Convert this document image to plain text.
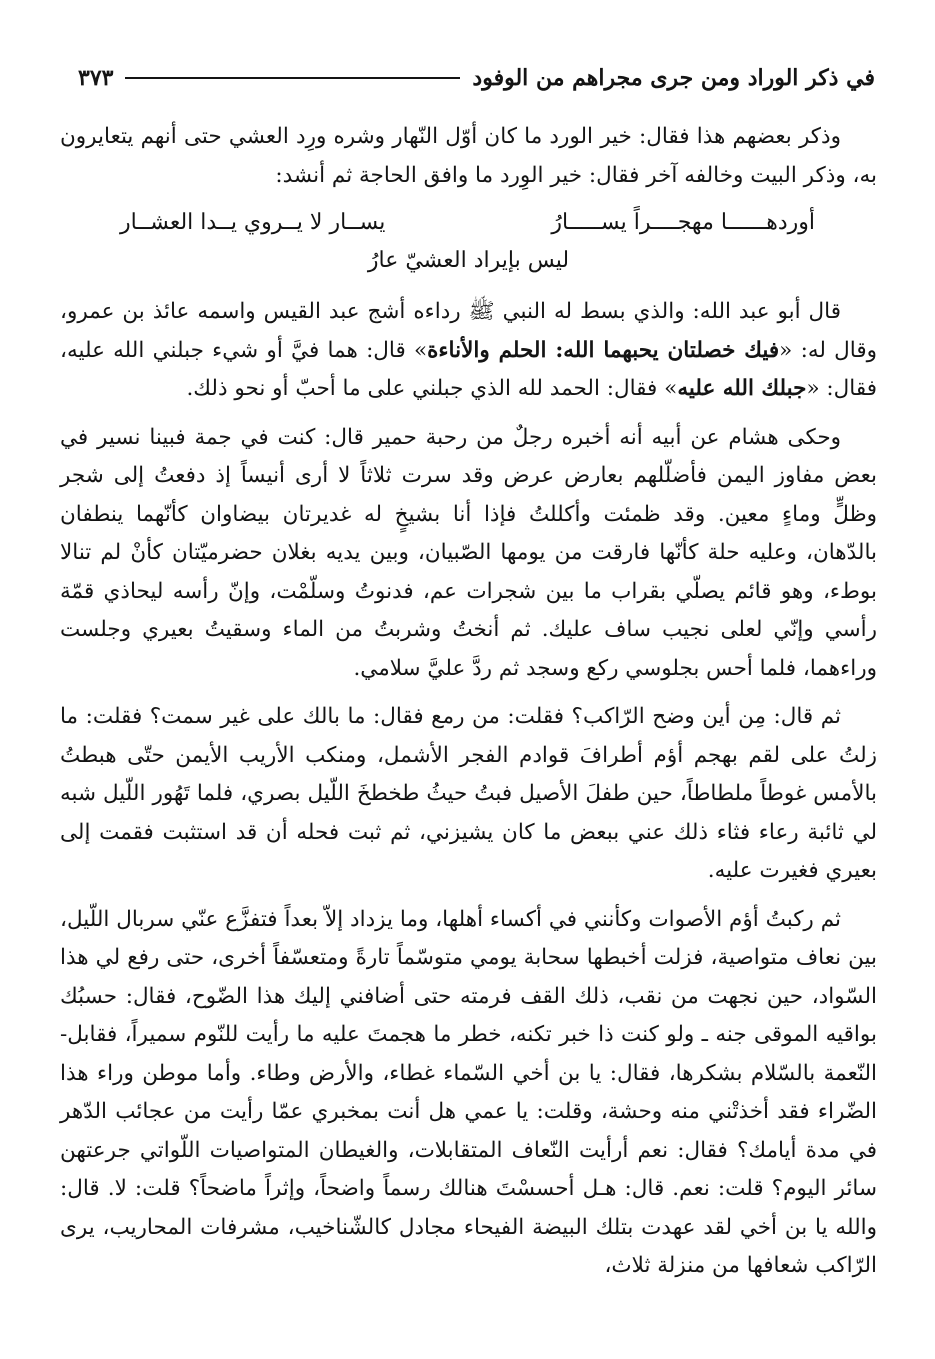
في ذكر الوراد ومن جرى مجراهم من الوفود
٣٧٣

وذكر بعضهم هذا فقال: خير الورد ما كان أوّل النّهار وشره ورِد العشي حتى أنهم يتعايرون به، وذكر البيت وخالفه آخر فقال: خير الوِرد ما وافق الحاجة ثم أنشد:

أوردهــــــا مهجــــراً يســـــارُ
يســار لا يــروي يــدا العشــار
ليس بإيراد العشيّ عارُ

قال أبو عبد الله: والذي بسط له النبي ﷺ رداءه أشج عبد القيس واسمه عائذ بن عمرو، وقال له: «فيك خصلتان يحبهما الله: الحلم والأناءة» قال: هما فيَّ أو شيء جبلني الله عليه، فقال: «جبلك الله عليه» فقال: الحمد لله الذي جبلني على ما أحبّ أو نحو ذلك.

وحكى هشام عن أبيه أنه أخبره رجلٌ من رحبة حمير قال: كنت في جمة فبينا نسير في بعض مفاوز اليمن فأضلّلهم بعارض عرض وقد سرت ثلاثاً لا أرى أنيساً إذ دفعتُ إلى شجر وظلٍّ وماءٍ معين. وقد ظمئت وأكللتُ فإذا أنا بشيخٍ له غديرتان بيضاوان كأنّهما ينطفان بالدّهان، وعليه حلة كأنّها فارقت من يومها الصّبيان، وبين يديه بغلان حضرميّتان كأنْ لم تنالا بوطء، وهو قائم يصلّي بقراب ما بين شجرات عم، فدنوتُ وسلّمْت، وإنّ رأسه ليحاذي قمّة رأسي وإنّي لعلى نجيب ساف عليك. ثم أنختُ وشربتُ من الماء وسقيتُ بعيري وجلست وراءهما، فلما أحس بجلوسي ركع وسجد ثم ردَّ عليَّ سلامي.

ثم قال: مِن أين وضح الرّاكب؟ فقلت: من رمع فقال: ما بالك على غير سمت؟ فقلت: ما زلتُ على لقم بهجم أؤم أطرافَ قوادم الفجر الأشمل، ومنكب الأريب الأيمن حتّى هبطتُ بالأمس غوطاً ملطاطاً، حين طفلَ الأصيل فبتُ حيثُ طخطخَ اللّيل بصري، فلما تَهُور اللّيل شبه لي ثائبة رعاء فثاء ذلك عني ببعض ما كان يشيزني، ثم ثبت فحله أن قد استثبت فقمت إلى بعيري فغيرت عليه.

ثم ركبتُ أؤم الأصوات وكأنني في أكساء أهلها، وما يزداد إلاّ بعداً فتفزَّع عنّي سربال اللّيل، بين نعاف متواصية، فزلت أخبطها سحابة يومي متوسّماً تارةً ومتعسّفاً أخرى، حتى رفع لي هذا السّواد، حين نجهت من نقب، ذلك القف فرمته حتى أضافني إليك هذا الضّوح، فقال: حسبُك بواقيه الموقى جنه ـ ولو كنت ذا خبر تكنه، خطر ما هجمتَ عليه ما رأيت للنّوم سميراً، فقابل-النّعمة بالسّلام بشكرها، فقال: يا بن أخي السّماء غطاء، والأرض وطاء. وأما موطن وراء هذا الضّراء فقد أخذتْني منه وحشة، وقلت: يا عمي هل أنت بمخبري عمّا رأيت من عجائب الدّهر في مدة أيامك؟ فقال: نعم أرأيت النّعاف المتقابلات، والغيطان المتواصيات اللّواتي جرعتهن سائر اليوم؟ قلت: نعم. قال: هـل أحسسْتَ هنالك رسماً واضحاً، وإثراً ماضحاً؟ قلت: لا. قال: والله يا بن أخي لقد عهدت بتلك البيضة الفيحاء مجادل كالشّناخيب، مشرفات المحاريب، يرى الرّاكب شعافها من منزلة ثلاث،
